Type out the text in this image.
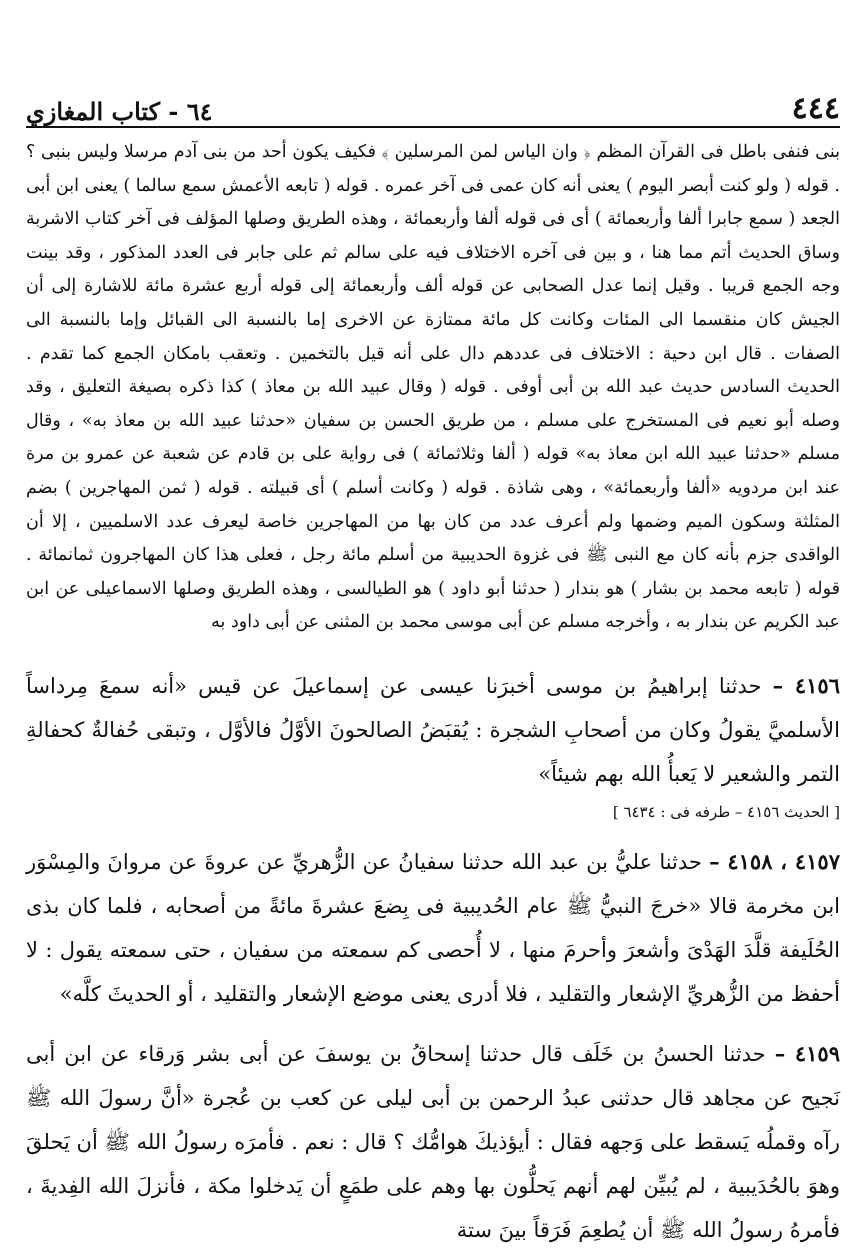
٤٤٤
٦٤ - كتاب المغازي

بنى فنفى باطل فى القرآن المظم ﴿ وان الياس لمن المرسلين ﴾ فكيف يكون أحد من بنى آدم مرسلا وليس بنبى ؟ . قوله ( ولو كنت أبصر اليوم ) يعنى أنه كان عمى فى آخر عمره . قوله ( تابعه الأعمش سمع سالما ) يعنى ابن أبى الجعد ( سمع جابرا ألفا وأربعمائة ) أى فى قوله ألفا وأربعمائة ، وهذه الطريق وصلها المؤلف فى آخر كتاب الاشربة وساق الحديث أتم مما هنا ، و بين فى آخره الاختلاف فيه على سالم ثم على جابر فى العدد المذكور ، وقد بينت وجه الجمع قريبا . وقيل إنما عدل الصحابى عن قوله ألف وأربعمائة إلى قوله أربع عشرة مائة للاشارة إلى أن الجيش كان منقسما الى المئات وكانت كل مائة ممتازة عن الاخرى إما بالنسبة الى القبائل وإما بالنسبة الى الصفات . قال ابن دحية : الاختلاف فى عددهم دال على أنه قيل بالتخمين . وتعقب بامكان الجمع كما تقدم . الحديث السادس حديث عبد الله بن أبى أوفى . قوله ( وقال عبيد الله بن معاذ ) كذا ذكره بصيغة التعليق ، وقد وصله أبو نعيم فى المستخرج على مسلم ، من طريق الحسن بن سفيان «حدثنا عبيد الله بن معاذ به» ، وقال مسلم «حدثنا عبيد الله ابن معاذ به» قوله ( ألفا وثلاثمائة ) فى رواية على بن قادم عن شعبة عن عمرو بن مرة عند ابن مردويه «ألفا وأربعمائة» ، وهى شاذة . قوله ( وكانت أسلم ) أى قبيلته . قوله ( ثمن المهاجرين ) بضم المثلثة وسكون الميم وضمها ولم أعرف عدد من كان بها من المهاجرين خاصة ليعرف عدد الاسلميين ، إلا أن الواقدى جزم بأنه كان مع النبى ﷺ فى غزوة الحديبية من أسلم مائة رجل ، فعلى هذا كان المهاجرون ثمانمائة . قوله ( تابعه محمد بن بشار ) هو بندار ( حدثنا أبو داود ) هو الطيالسى ، وهذه الطريق وصلها الاسماعيلى عن ابن عبد الكريم عن بندار به ، وأخرجه مسلم عن أبى موسى محمد بن المثنى عن أبى داود به

٤١٥٦ – حدثنا إبراهيمُ بن موسى أخبرَنا عيسى عن إسماعيلَ عن قيس «أنه سمعَ مِرداساً الأسلميَّ يقولُ وكان من أصحابِ الشجرة : يُقبَضُ الصالحونَ الأوَّلُ فالأوَّل ، وتبقى حُفالةٌ كحفالةِ التمر والشعير لا يَعبأُ الله بهم شيئاً»

[ الحديث ٤١٥٦ – طرفه فى : ٦٤٣٤ ]

٤١٥٧ ، ٤١٥٨ – حدثنا عليُّ بن عبد الله حدثنا سفيانُ عن الزُّهريِّ عن عروةَ عن مروانَ والمِسْوَر ابن مخرمة قالا «خرجَ النبيُّ ﷺ عام الحُديبية فى بِضعَ عشرةَ مائةً من أصحابه ، فلما كان بذى الحُلَيفة قلَّدَ الهَدْىَ وأشعرَ وأحرمَ منها ، لا أُحصى كم سمعته من سفيان ، حتى سمعته يقول : لا أحفظ من الزُّهريِّ الإشعار والتقليد ، فلا أدرى يعنى موضع الإشعار والتقليد ، أو الحديثَ كلَّه»

٤١٥٩ – حدثنا الحسنُ بن خَلَف قال حدثنا إسحاقُ بن يوسفَ عن أبى بشر وَرقاء عن ابن أبى نَجيح عن مجاهد قال حدثنى عبدُ الرحمن بن أبى ليلى عن كعب بن عُجرة «أنَّ رسولَ الله ﷺ رآه وقملُه يَسقط على وَجهه فقال : أيؤذيكَ هوامُّك ؟ قال : نعم . فأمرَه رسولُ الله ﷺ أن يَحلقَ وهوَ بالحُدَيبية ، لم يُبيِّن لهم أنهم يَحلُّون بها وهم على طمَعٍ أن يَدخلوا مكة ، فأنزلَ الله الفِديةَ ، فأمرهُ رسولُ الله ﷺ أن يُطعِمَ فَرَقاً بينَ ستة
